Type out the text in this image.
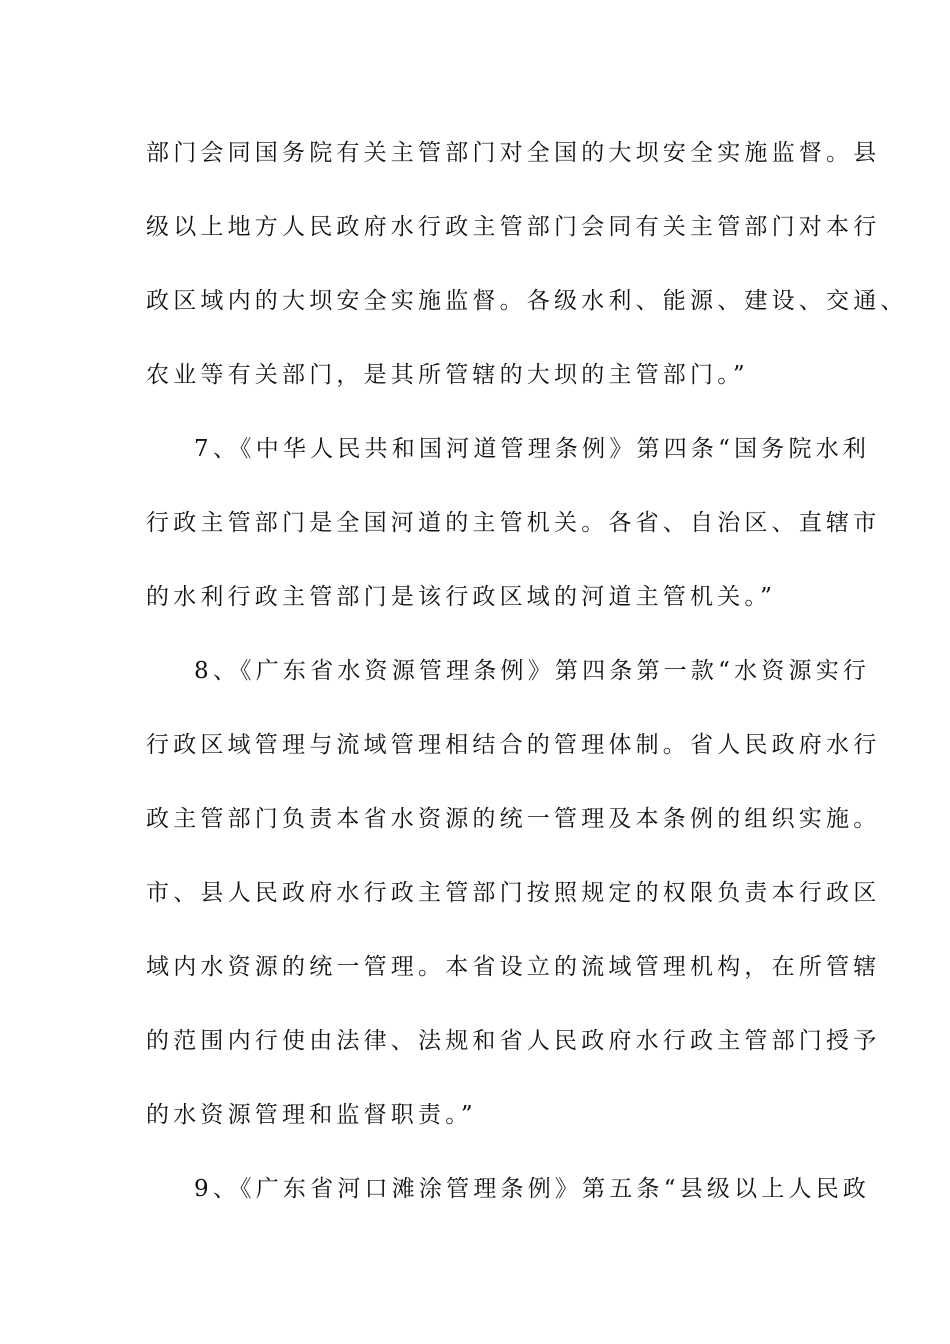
部门会同国务院有关主管部门对全国的大坝安全实施监督。县
级以上地方人民政府水行政主管部门会同有关主管部门对本行
政区域内的大坝安全实施监督。各级水利、能源、建设、交通、
农业等有关部门，是其所管辖的大坝的主管部门。”
7、《中华人民共和国河道管理条例》第四条“国务院水利
行政主管部门是全国河道的主管机关。各省、自治区、直辖市
的水利行政主管部门是该行政区域的河道主管机关。”
8、《广东省水资源管理条例》第四条第一款“水资源实行
行政区域管理与流域管理相结合的管理体制。省人民政府水行
政主管部门负责本省水资源的统一管理及本条例的组织实施。
市、县人民政府水行政主管部门按照规定的权限负责本行政区
域内水资源的统一管理。本省设立的流域管理机构，在所管辖
的范围内行使由法律、法规和省人民政府水行政主管部门授予
的水资源管理和监督职责。”
9、《广东省河口滩涂管理条例》第五条“县级以上人民政
